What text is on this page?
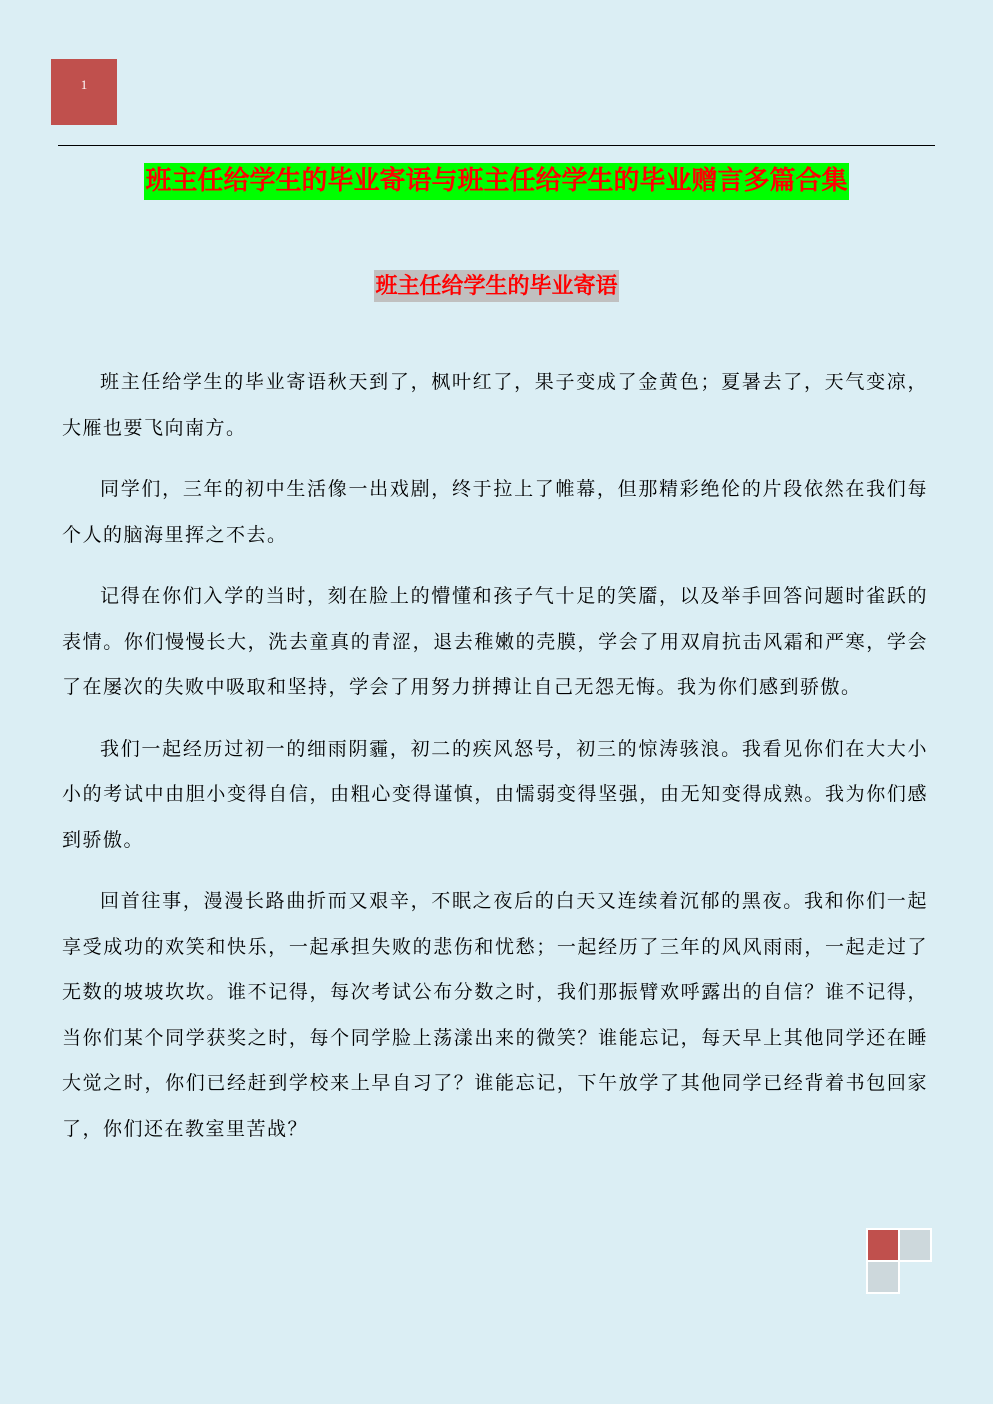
1
班主任给学生的毕业寄语与班主任给学生的毕业赠言多篇合集
班主任给学生的毕业寄语

班主任给学生的毕业寄语秋天到了，枫叶红了，果子变成了金黄色；夏暑去了，天气变凉，大雁也要飞向南方。

同学们，三年的初中生活像一出戏剧，终于拉上了帷幕，但那精彩绝伦的片段依然在我们每个人的脑海里挥之不去。

记得在你们入学的当时，刻在脸上的懵懂和孩子气十足的笑靥，以及举手回答问题时雀跃的表情。你们慢慢长大，洗去童真的青涩，退去稚嫩的壳膜，学会了用双肩抗击风霜和严寒，学会了在屡次的失败中吸取和坚持，学会了用努力拼搏让自己无怨无悔。我为你们感到骄傲。

我们一起经历过初一的细雨阴霾，初二的疾风怒号，初三的惊涛骇浪。我看见你们在大大小小的考试中由胆小变得自信，由粗心变得谨慎，由懦弱变得坚强，由无知变得成熟。我为你们感到骄傲。

回首往事，漫漫长路曲折而又艰辛，不眠之夜后的白天又连续着沉郁的黑夜。我和你们一起享受成功的欢笑和快乐，一起承担失败的悲伤和忧愁；一起经历了三年的风风雨雨，一起走过了无数的坡坡坎坎。谁不记得，每次考试公布分数之时，我们那振臂欢呼露出的自信？谁不记得，当你们某个同学获奖之时，每个同学脸上荡漾出来的微笑？谁能忘记，每天早上其他同学还在睡大觉之时，你们已经赶到学校来上早自习了？谁能忘记，下午放学了其他同学已经背着书包回家了，你们还在教室里苦战？
